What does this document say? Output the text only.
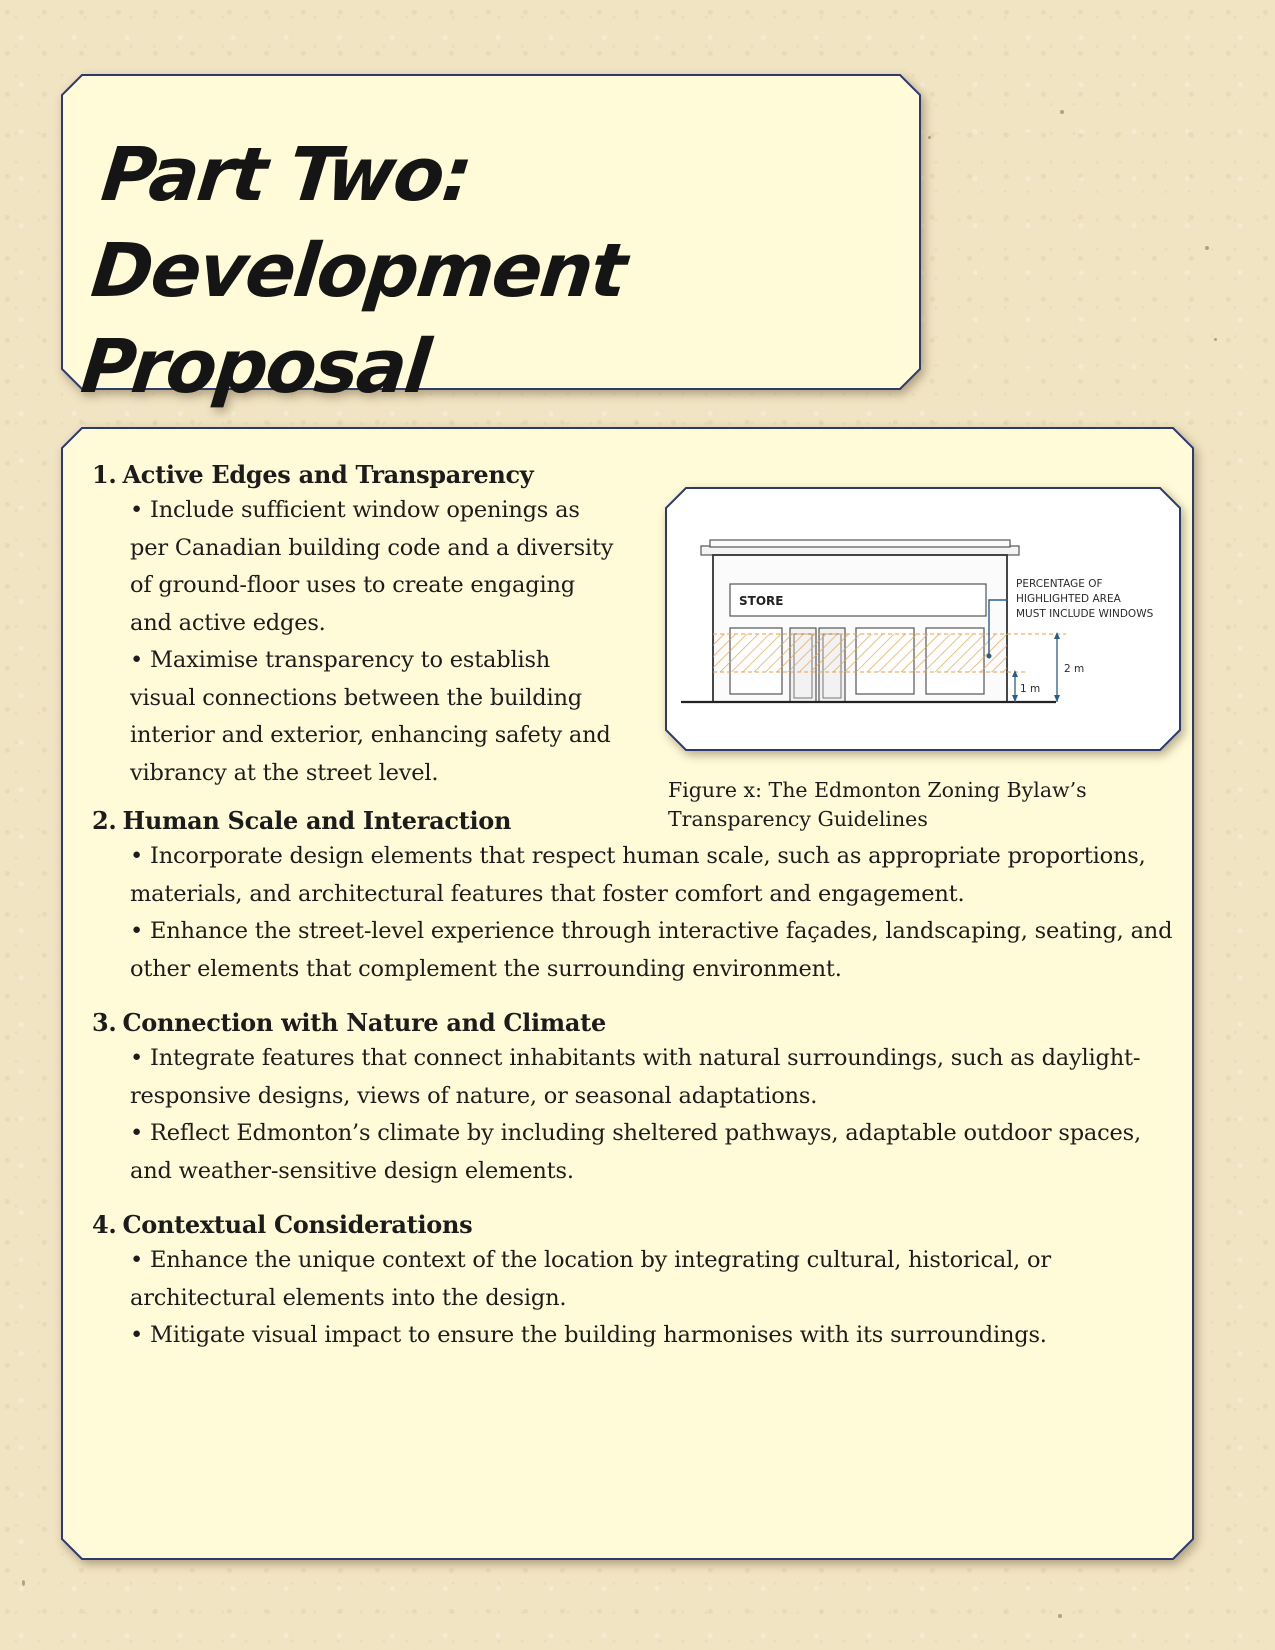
Part Two:
Development Proposal
1. Active Edges and Transparency
• Include sufficient window openings as per Canadian building code and a diversity of ground-floor uses to create engaging and active edges.
• Maximise transparency to establish visual connections between the building interior and exterior, enhancing safety and vibrancy at the street level.
STORE
PERCENTAGE OF HIGHLIGHTED AREA MUST INCLUDE WINDOWS
1 m
2 m

Figure x: The Edmonton Zoning Bylaw’s
Transparency Guidelines

2. Human Scale and Interaction
• Incorporate design elements that respect human scale, such as appropriate proportions, materials, and architectural features that foster comfort and engagement.
• Enhance the street-level experience through interactive façades, landscaping, seating, and other elements that complement the surrounding environment.
3. Connection with Nature and Climate
• Integrate features that connect inhabitants with natural surroundings, such as daylight-responsive designs, views of nature, or seasonal adaptations.
• Reflect Edmonton’s climate by including sheltered pathways, adaptable outdoor spaces, and weather-sensitive design elements.
4. Contextual Considerations
• Enhance the unique context of the location by integrating cultural, historical, or architectural elements into the design.
• Mitigate visual impact to ensure the building harmonises with its surroundings.
